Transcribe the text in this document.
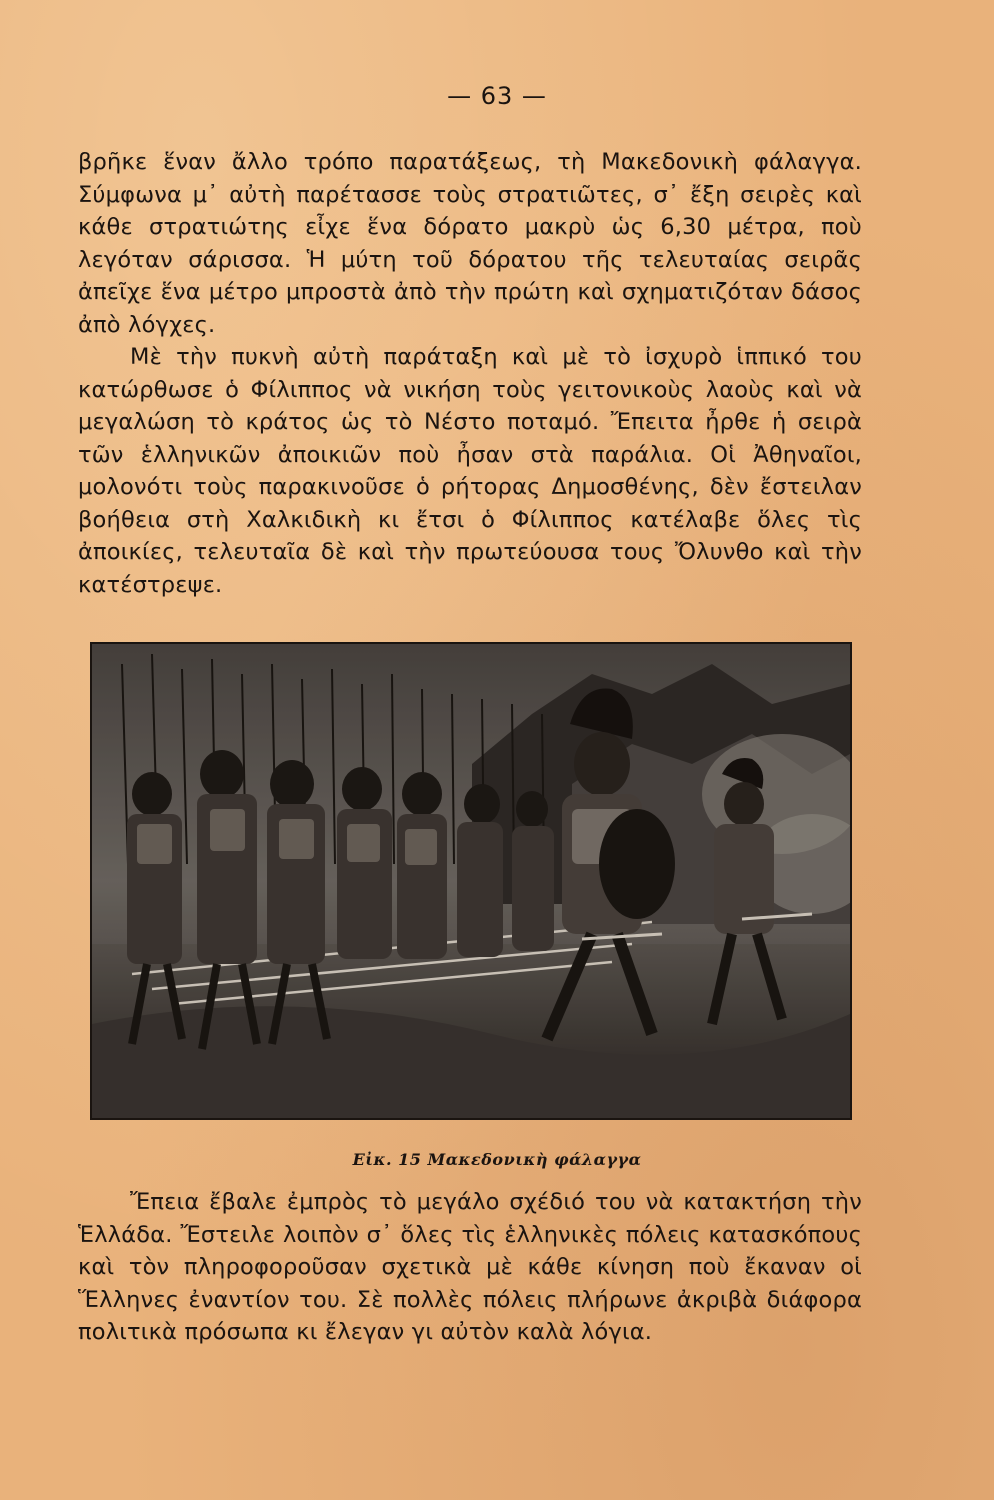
— 63 —

βρῆκε ἕναν ἄλλο τρόπο παρατάξεως, τὴ Μακεδονικὴ φάλαγγα. Σύμφωνα μ᾿ αὐτὴ παρέτασσε τοὺς στρατιῶτες, σ᾿ ἔξη σειρὲς καὶ κάθε στρατιώτης εἶχε ἕνα δόρατο μακρὺ ὡς 6,30 μέτρα, ποὺ λεγόταν σάρισσα. Ἡ μύτη τοῦ δόρατου τῆς τελευταίας σειρᾶς ἀπεῖχε ἕνα μέτρο μπροστὰ ἀπὸ τὴν πρώτη καὶ σχηματιζόταν δάσος ἀπὸ λόγχες.

Μὲ τὴν πυκνὴ αὐτὴ παράταξη καὶ μὲ τὸ ἰσχυρὸ ἱππικό του κατώρθωσε ὁ Φίλιππος νὰ νικήση τοὺς γειτονικοὺς λαοὺς καὶ νὰ μεγαλώση τὸ κράτος ὡς τὸ Νέστο ποταμό. Ἔπειτα ἦρθε ἡ σειρὰ τῶν ἑλληνικῶν ἀποικιῶν ποὺ ἦσαν στὰ παράλια. Οἱ Ἀθηναῖοι, μολονότι τοὺς παρακινοῦσε ὁ ρήτορας Δημοσθένης, δὲν ἔστειλαν βοήθεια στὴ Χαλκιδικὴ κι ἔτσι ὁ Φίλιππος κατέλαβε ὅλες τὶς ἀποικίες, τελευταῖα δὲ καὶ τὴν πρωτεύουσα τους Ὄλυνθο καὶ τὴν κατέστρεψε.

Εἰκ. 15 Μακεδονικὴ φάλαγγα

Ἔπεια ἔβαλε ἐμπρὸς τὸ μεγάλο σχέδιό του νὰ κατακτήση τὴν Ἑλλάδα. Ἔστειλε λοιπὸν σ᾿ ὅλες τὶς ἑλληνικὲς πόλεις κατασκόπους καὶ τὸν πληροφοροῦσαν σχετικὰ μὲ κάθε κίνηση ποὺ ἔκαναν οἱ Ἕλληνες ἐναντίον του. Σὲ πολλὲς πόλεις πλήρωνε ἀκριβὰ διάφορα πολιτικὰ πρόσωπα κι ἔλεγαν γι αὐτὸν καλὰ λόγια.
